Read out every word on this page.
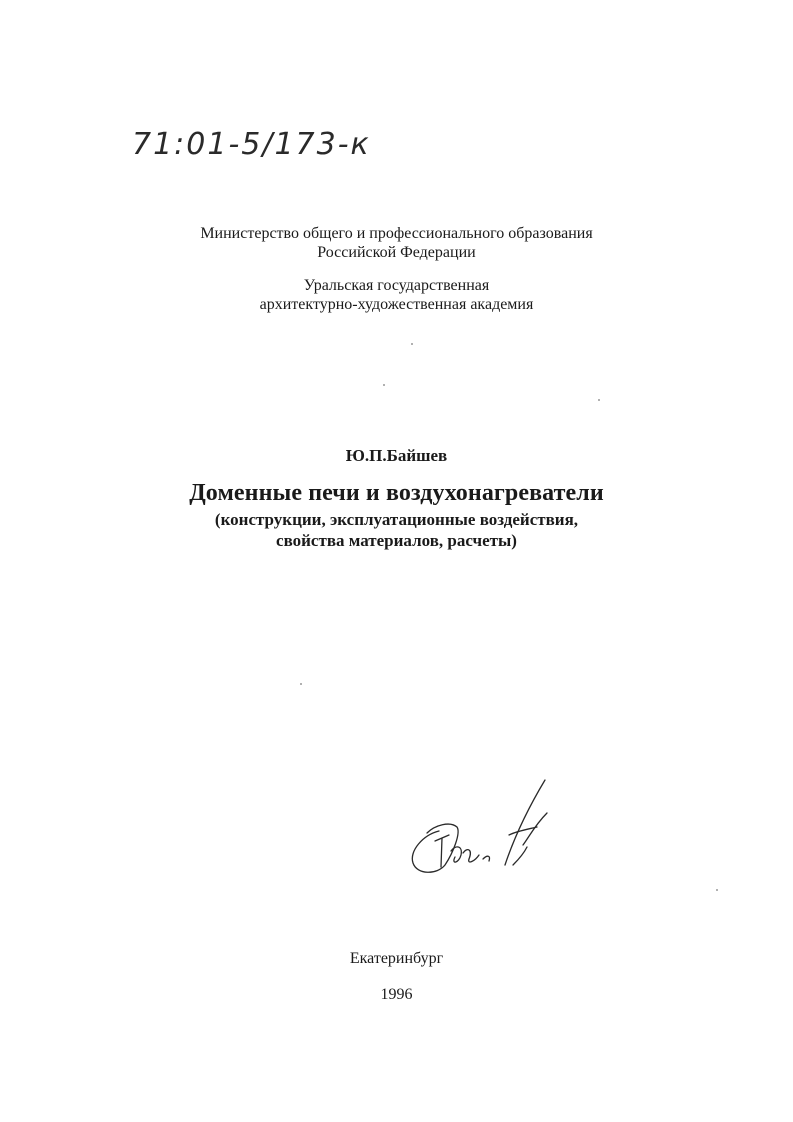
71:01-5/173-к
Министерство общего и профессионального образования
Российской Федерации
Уральская государственная
архитектурно-художественная академия
Ю.П.Байшев
Доменные печи и воздухонагреватели
(конструкции, эксплуатационные воздействия,
свойства материалов, расчеты)
Екатеринбург
1996
